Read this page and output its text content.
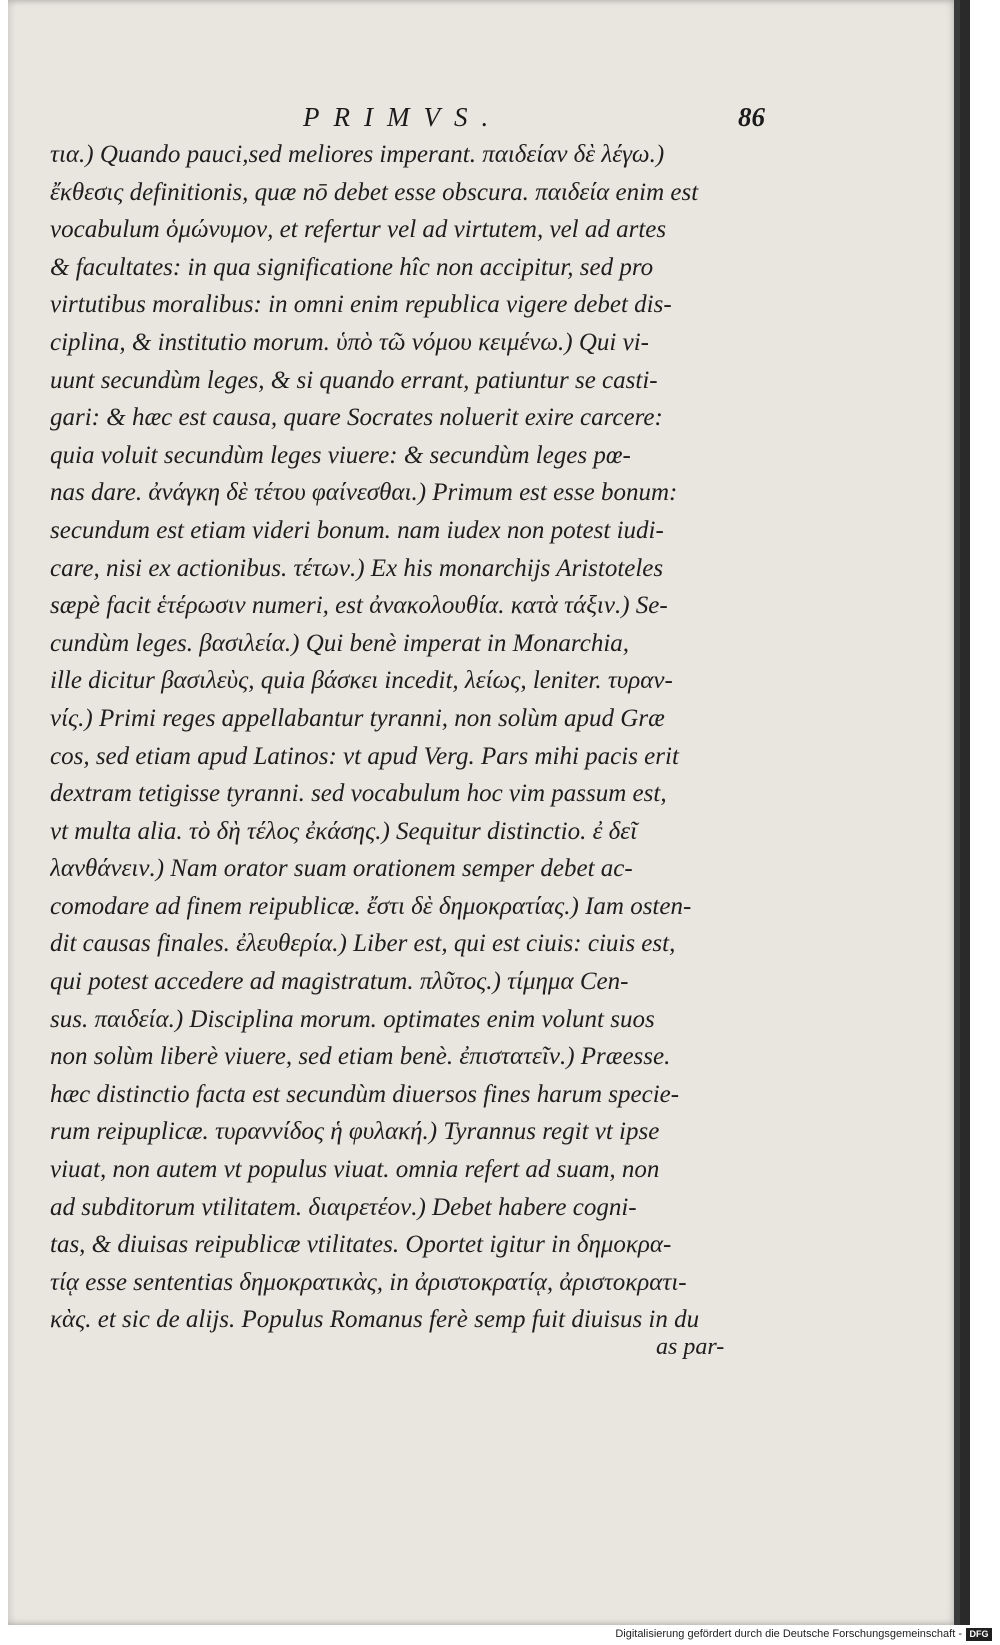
PRIMVS.	86
τια.) Quando pauci,sed meliores imperant. παιδείαν δὲ λέγω.)
ἔκθεσις definitionis, quæ nō debet esse obscura. παιδεία enim est
vocabulum ὁμώνυμον, et refertur vel ad virtutem, vel ad artes
& facultates: in qua significatione hîc non accipitur, sed pro
virtutibus moralibus: in omni enim republica vigere debet dis-
ciplina, & institutio morum. ὑπὸ τῶ νόμου κειμένω.) Qui vi-
uunt secundùm leges, & si quando errant, patiuntur se casti-
gari: & hæc est causa, quare Socrates noluerit exire carcere:
quia voluit secundùm leges viuere: & secundùm leges pœ-
nas dare. ἀνάγκη δὲ τέτου φαίνεσθαι.) Primum est esse bonum:
secundum est etiam videri bonum. nam iudex non potest iudi-
care, nisi ex actionibus. τέτων.) Ex his monarchijs Aristoteles
sæpè facit ἑτέρωσιν numeri, est ἀνακολουθία. κατὰ τάξιν.) Se-
cundùm leges. βασιλεία.) Qui benè imperat in Monarchia,
ille dicitur βασιλεὺς, quia βάσκει incedit, λείως, leniter. τυραν-
νίς.) Primi reges appellabantur tyranni, non solùm apud Græ
cos, sed etiam apud Latinos: vt apud Verg. Pars mihi pacis erit
dextram tetigisse tyranni. sed vocabulum hoc vim passum est,
vt multa alia. τὸ δὴ τέλος ἐκάσης.) Sequitur distinctio. ἐ δεῖ
λανθάνειν.) Nam orator suam orationem semper debet ac-
comodare ad finem reipublicæ. ἔστι δὲ δημοκρατίας.) Iam osten-
dit causas finales. ἐλευθερία.) Liber est, qui est ciuis: ciuis est,
qui potest accedere ad magistratum. πλῦτος.) τίμημα Cen-
sus. παιδεία.) Disciplina morum. optimates enim volunt suos
non solùm liberè viuere, sed etiam benè. ἐπιστατεῖν.) Præesse.
hæc distinctio facta est secundùm diuersos fines harum specie-
rum reipuplicæ. τυραννίδος ἡ φυλακή.) Tyrannus regit vt ipse
viuat, non autem vt populus viuat. omnia refert ad suam, non
ad subditorum vtilitatem. διαιρετέον.) Debet habere cogni-
tas, & diuisas reipublicæ vtilitates. Oportet igitur in δημοκρα-
τίᾳ esse sententias δημοκρατικὰς, in ἀριστοκρατίᾳ, ἀριστοκρατι-
κὰς. et sic de alijs. Populus Romanus ferè semp fuit diuisus in du
as par-
Digitalisierung gefördert durch die Deutsche Forschungsgemeinschaft - DFG
